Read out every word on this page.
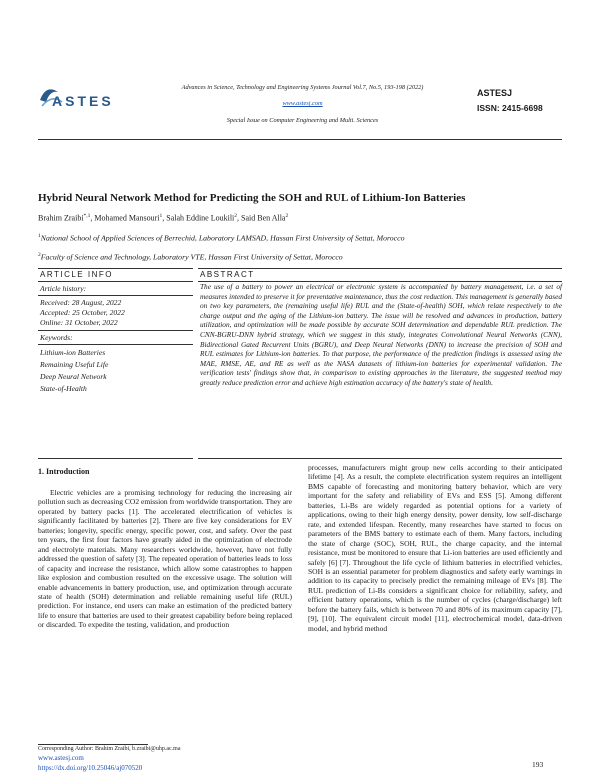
ASTES
Advances in Science, Technology and Engineering Systems Journal Vol.7, No.5, 193-198 (2022)
www.astesj.com
Special Issue on Computer Engineering and Multi. Sciences
ASTESJ
ISSN: 2415-6698
Hybrid Neural Network Method for Predicting the SOH and RUL of Lithium-Ion Batteries
Brahim Zraibi$^{*,1}$, Mohamed Mansouri$^1$, Salah Eddine Loukili$^2$, Said Ben Alla$^2$
$^1$National School of Applied Sciences of Berrechid, Laboratory LAMSAD, Hassan First University of Settat, Morocco
$^2$Faculty of Science and Technology, Laboratory VTE, Hassan First University of Settat, Morocco
ARTICLE INFO	ABSTRACT
Article history:
Received: 28 August, 2022
Accepted: 25 October, 2022
Online: 31 October, 2022
Keywords:
Lithium-ion Batteries
Remaining Useful Life
Deep Neural Network
State-of-Health
The use of a battery to power an electrical or electronic system is accompanied by battery management, i.e. a set of measures intended to preserve it for preventative maintenance, thus the cost reduction. This management is generally based on two key parameters, the (remaining useful life) RUL and the (State-of-health) SOH, which relate respectively to the charge output and the aging of the Lithium-ion battery. The issue will be resolved and advances in production, battery utilization, and optimization will be made possible by accurate SOH determination and dependable RUL prediction. The CNN-BGRU-DNN hybrid strategy, which we suggest in this study, integrates Convolutional Neural Networks (CNN), Bidirectional Gated Recurrent Units (BGRU), and Deep Neural Networks (DNN) to increase the precision of SOH and RUL estimates for Lithium-ion batteries. To that purpose, the performance of the prediction findings is assessed using the MAE, RMSE, AE, and RE as well as the NASA datasets of lithium-ion batteries for experimental validation. The verification tests' findings show that, in comparison to existing approaches in the literature, the suggested method may greatly reduce prediction error and achieve high estimation accuracy of the battery's state of health.
1. Introduction

Electric vehicles are a promising technology for reducing the increasing air pollution such as decreasing CO2 emission from worldwide transportation. They are operated by battery packs [1]. The accelerated electrification of vehicles is significantly facilitated by batteries [2]. There are five key considerations for EV batteries; longevity, specific energy, specific power, cost, and safety. Over the past ten years, the first four factors have greatly aided in the optimization of electrode and electrolyte materials. Many researchers worldwide, however, have not fully addressed the question of safety [3]. The repeated operation of batteries leads to loss of capacity and increase the resistance, which allow some catastrophes to happen like explosion and combustion resulted on the excessive usage. The solution will enable advancements in battery production, use, and optimization through accurate state of health (SOH) determination and reliable remaining useful life (RUL) prediction. For instance, end users can make an estimation of the predicted battery life to ensure that batteries are used to their greatest capability before being replaced or discarded. To expedite the testing, validation, and production

processes, manufacturers might group new cells according to their anticipated lifetime [4]. As a result, the complete electrification system requires an intelligent BMS capable of forecasting and monitoring battery behavior, which are very important for the safety and reliability of EVs and ESS [5]. Among different batteries, Li-Bs are widely regarded as potential options for a variety of applications, owing to their high energy density, power density, low self-discharge rate, and extended lifespan. Recently, many researches have started to focus on parameters of the BMS battery to estimate each of them. Many factors, including the state of charge (SOC), SOH, RUL, the charge capacity, and the internal resistance, must be monitored to ensure that Li-ion batteries are used efficiently and safely [6] [7]. Throughout the life cycle of lithium batteries in electrified vehicles, SOH is an essential parameter for problem diagnostics and safety early warnings in addition to its capacity to precisely predict the remaining mileage of EVs [8]. The RUL prediction of Li-Bs considers a significant choice for reliability, safety, and efficient battery operations, which is the number of cycles (charge/discharge) left before the battery fails, which is between 70 and 80% of its maximum capacity [7], [9], [10]. The equivalent circuit model [11], electrochemical model, data-driven model, and hybrid method

Corresponding Author: Brahim Zraibi, b.zraibi@uhp.ac.ma
www.astesj.com
https://dx.doi.org/10.25046/aj070520	193
